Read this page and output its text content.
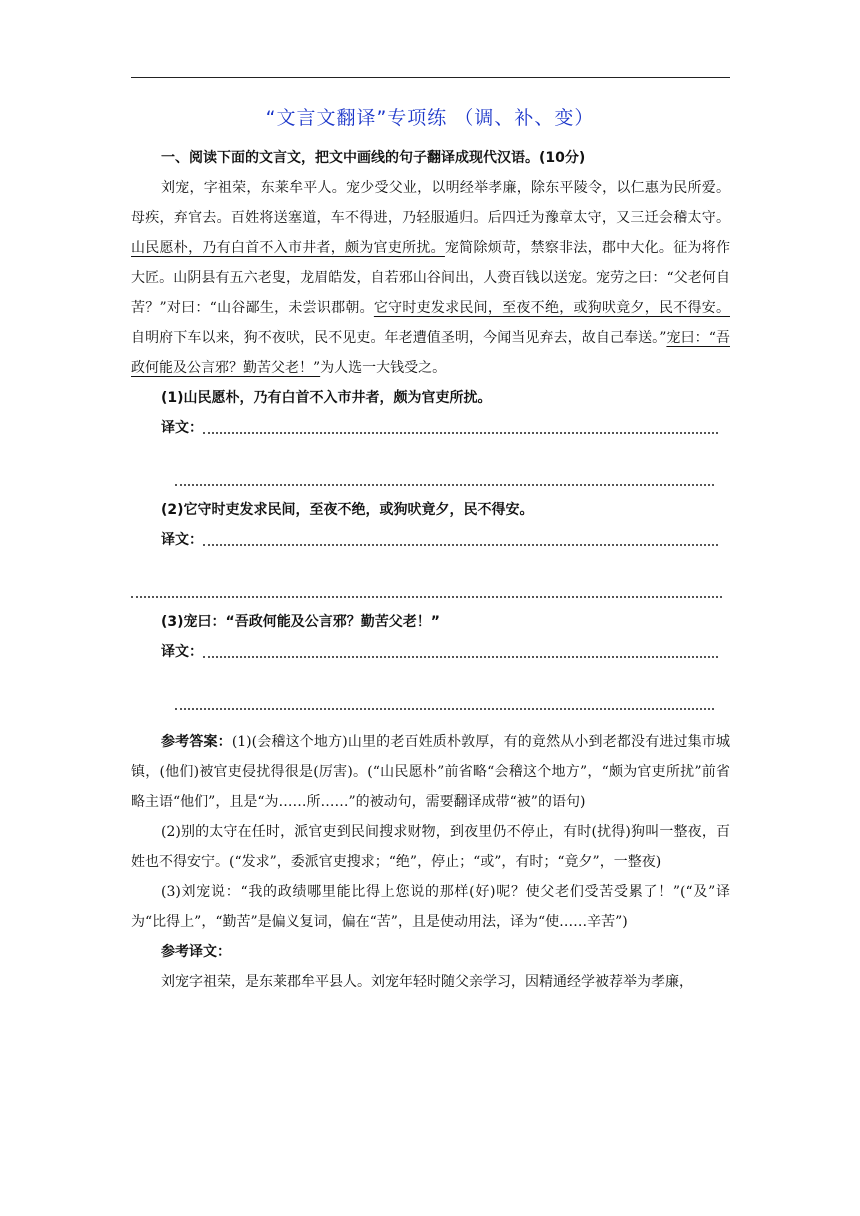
“文言文翻译”专项练 （调、补、变）

一、阅读下面的文言文，把文中画线的句子翻译成现代汉语。(10分)

刘宠，字祖荣，东莱牟平人。宠少受父业，以明经举孝廉，除东平陵令，以仁惠为民所爱。母疾，弃官去。百姓将送塞道，车不得进，乃轻服遁归。后四迁为豫章太守，又三迁会稽太守。山民愿朴，乃有白首不入市井者，颇为官吏所扰。宠简除烦苛，禁察非法，郡中大化。征为将作大匠。山阴县有五六老叟，龙眉皓发，自若邪山谷间出，人赍百钱以送宠。宠劳之曰：“父老何自苦？”对曰：“山谷鄙生，未尝识郡朝。它守时吏发求民间，至夜不绝，或狗吠竟夕，民不得安。自明府下车以来，狗不夜吠，民不见吏。年老遭值圣明，今闻当见弃去，故自己奉送。”宠曰：“吾政何能及公言邪？勤苦父老！”为人选一大钱受之。

(1)山民愿朴，乃有白首不入市井者，颇为官吏所扰。

译文：

(2)它守时吏发求民间，至夜不绝，或狗吠竟夕，民不得安。

译文：

(3)宠曰：“吾政何能及公言邪？勤苦父老！”

译文：

参考答案：(1)(会稽这个地方)山里的老百姓质朴敦厚，有的竟然从小到老都没有进过集市城镇，(他们)被官吏侵扰得很是(厉害)。(“山民愿朴”前省略“会稽这个地方”，“颇为官吏所扰”前省略主语“他们”，且是“为……所……”的被动句，需要翻译成带“被”的语句)

(2)别的太守在任时，派官吏到民间搜求财物，到夜里仍不停止，有时(扰得)狗叫一整夜，百姓也不得安宁。(“发求”，委派官吏搜求；“绝”，停止；“或”，有时；“竟夕”，一整夜)

(3)刘宠说：“我的政绩哪里能比得上您说的那样(好)呢？使父老们受苦受累了！”(“及”译为“比得上”，“勤苦”是偏义复词，偏在“苦”，且是使动用法，译为“使……辛苦”)

参考译文：

刘宠字祖荣，是东莱郡牟平县人。刘宠年轻时随父亲学习，因精通经学被荐举为孝廉，
